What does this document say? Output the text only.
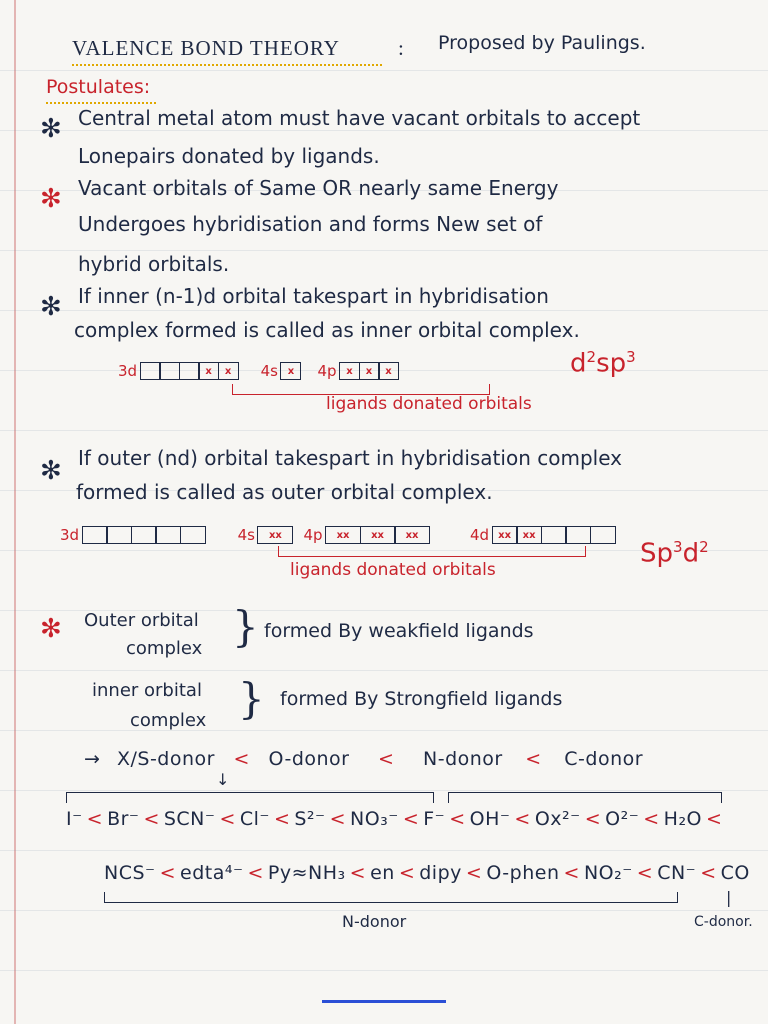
VALENCE BOND THEORY	: Proposed by Paulings.
Postulates:
✻ Central metal atom must have vacant orbitals to accept
Lonepairs donated by ligands.
✻ Vacant orbitals of Same OR nearly same Energy
Undergoes hybridisation and forms New set of
hybrid orbitals.
✻ If inner (n-1)d orbital takespart in hybridisation
complex formed is called as inner orbital complex.
3d	x	x	4s x	4p x	x	x
ligands donated orbitals
$d^2sp^3$
✻ If outer (nd) orbital takespart in hybridisation complex
formed is called as outer orbital complex.
3d	4s	xx	4p	xx	xx	xx	4d xx	xx
ligands donated orbitals
$Sp^3d^2$
✻ Outer orbital
complex } formed By weakfield ligands
inner orbital
complex } formed By Strongfield ligands
→ X/S-donor < O-donor < N-donor < C-donor
↓
I⁻ < Br⁻ < SCN⁻ < Cl⁻ < S²⁻ < NO₃⁻ < F⁻ < OH⁻ < Ox²⁻ < O²⁻ < H₂O <
NCS⁻ < edta⁴⁻ < Py≈NH₃ < en < dipy < O-phen < NO₂⁻ < CN⁻ < CO
N-donor
|
C-donor.
